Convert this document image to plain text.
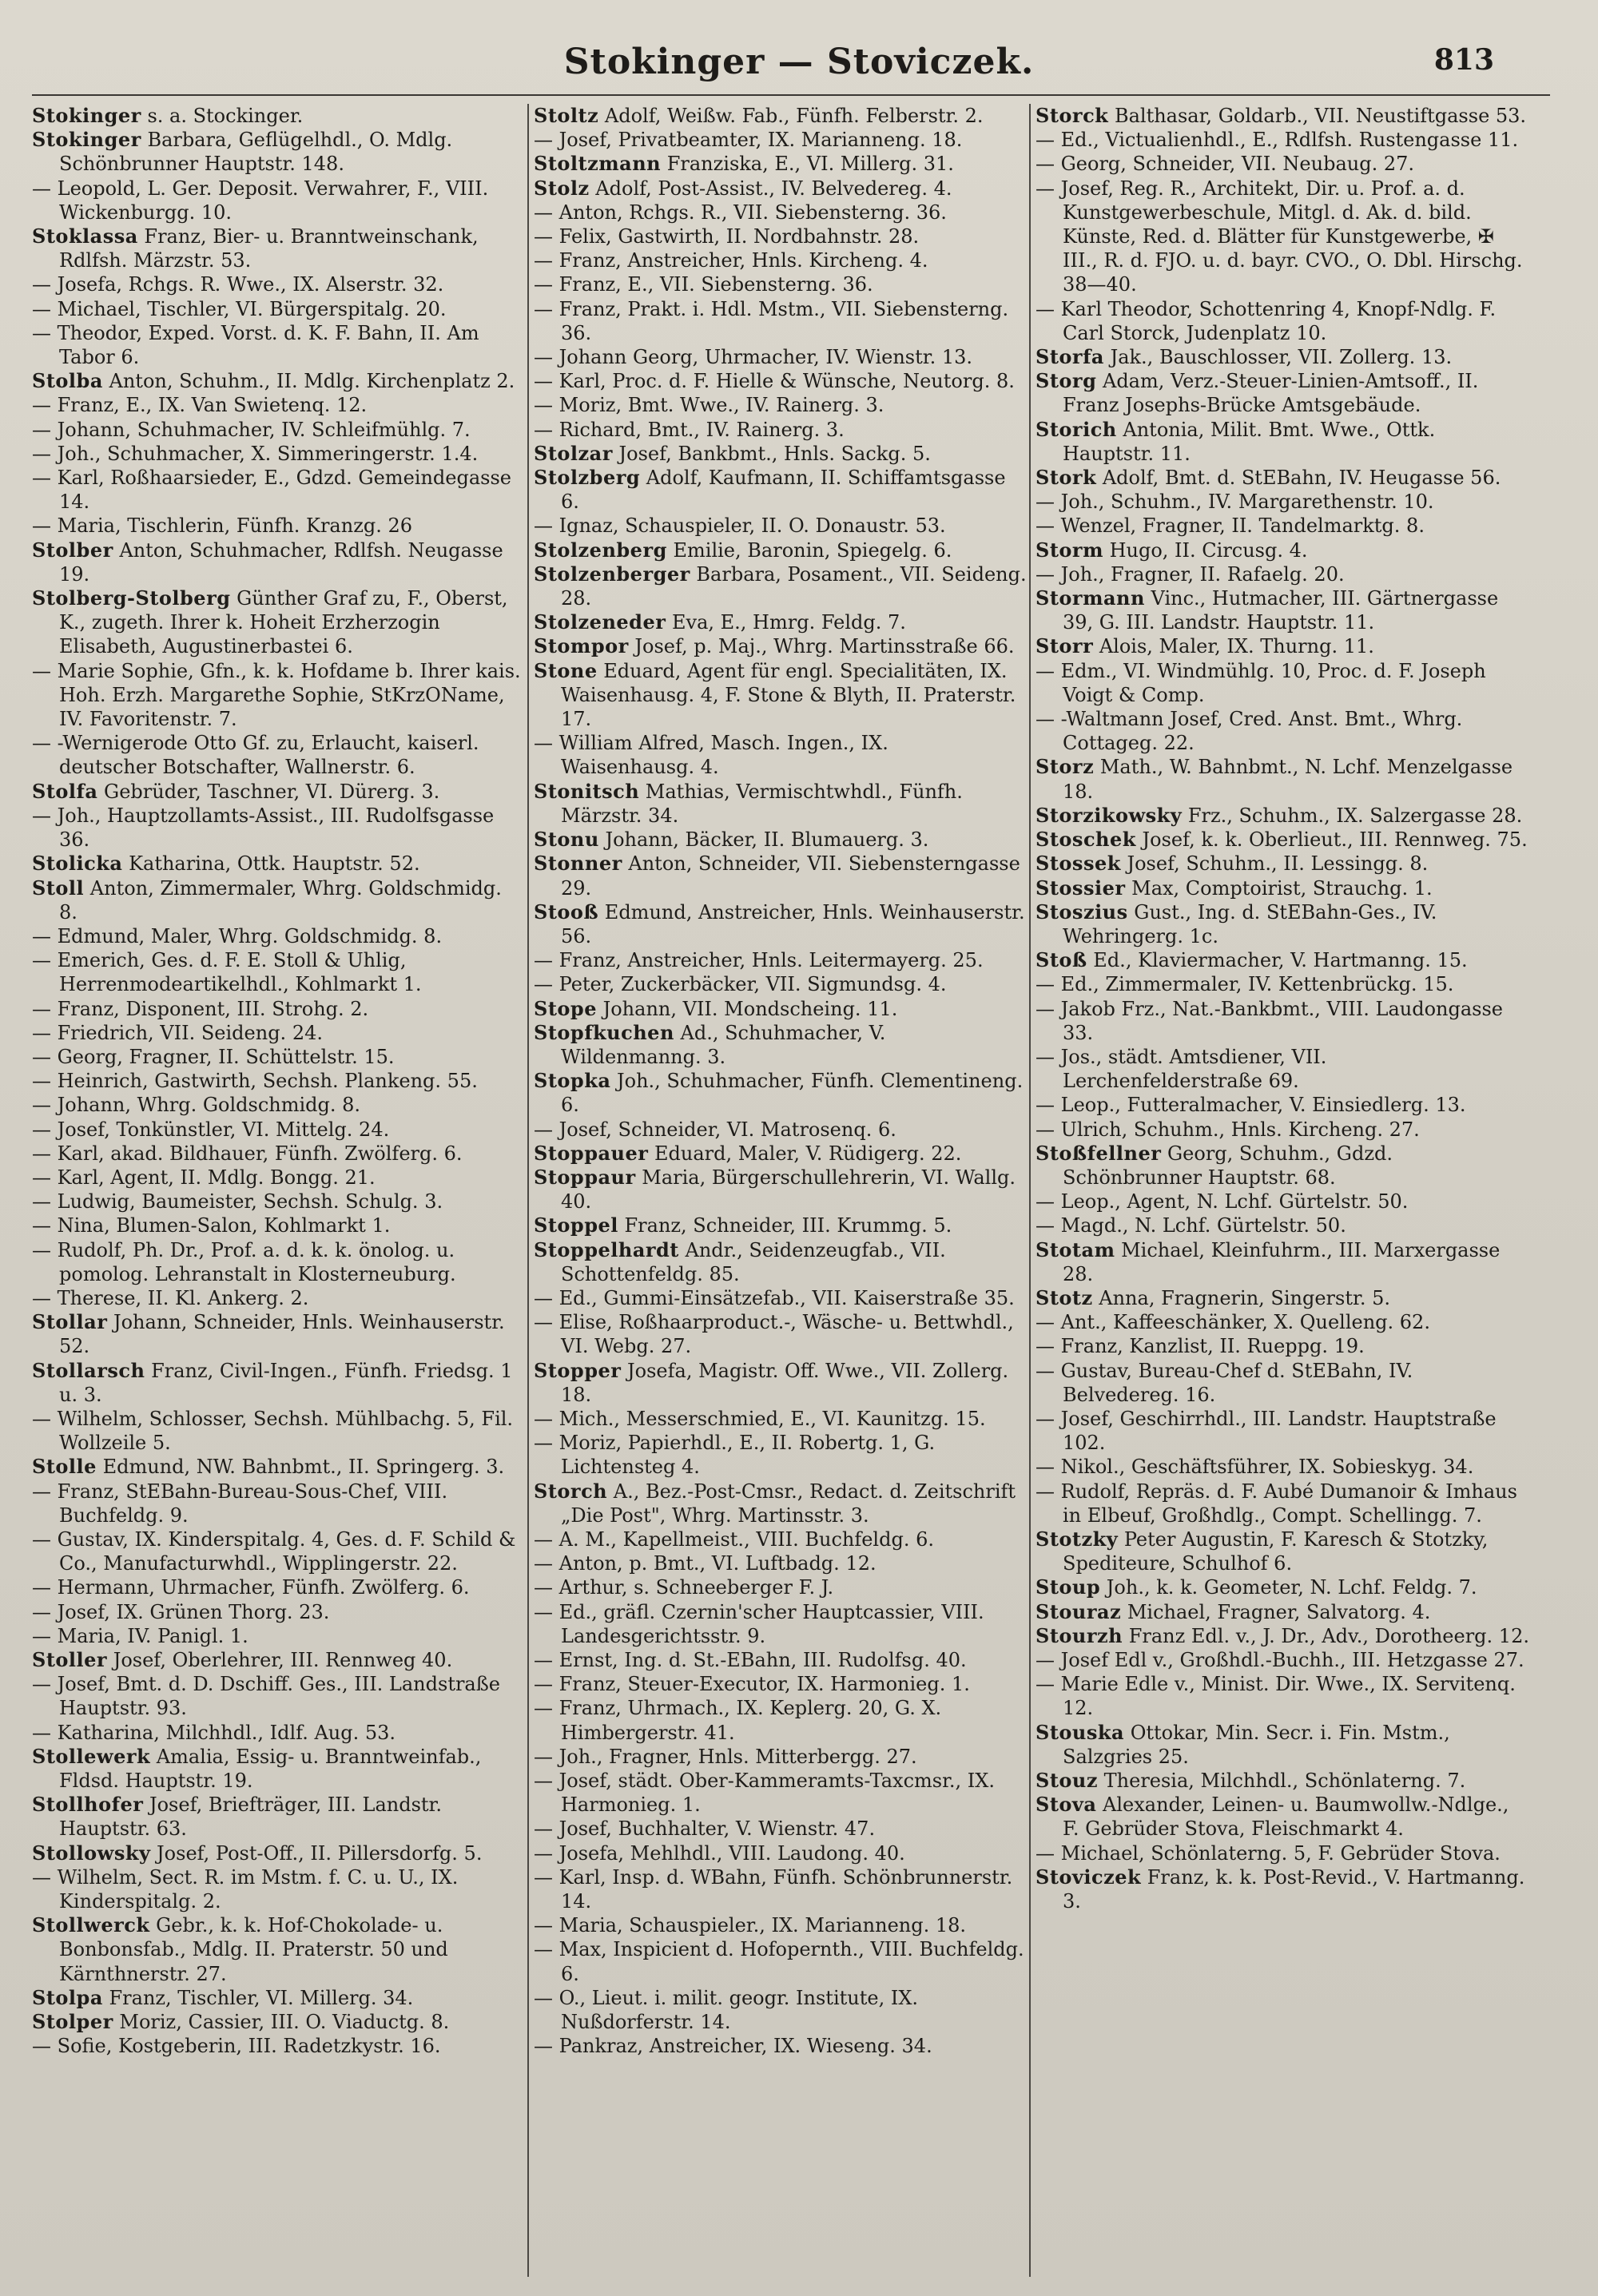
Stokinger — Stoviczek.	813

Stokinger s. a. Stockinger.

Stokinger Barbara, Geflügelhdl., O. Mdlg. Schönbrunner Hauptstr. 148.

— Leopold, L. Ger. Deposit. Verwahrer, F., VIII. Wickenburgg. 10.

Stoklassa Franz, Bier- u. Branntweinschank, Rdlfsh. Märzstr. 53.

— Josefa, Rchgs. R. Wwe., IX. Alserstr. 32.

— Michael, Tischler, VI. Bürgerspitalg. 20.

— Theodor, Exped. Vorst. d. K. F. Bahn, II. Am Tabor 6.

Stolba Anton, Schuhm., II. Mdlg. Kirchenplatz 2.

— Franz, E., IX. Van Swietenq. 12.

— Johann, Schuhmacher, IV. Schleifmühlg. 7.

— Joh., Schuhmacher, X. Simmeringerstr. 1.4.

— Karl, Roßhaarsieder, E., Gdzd. Gemeindegasse 14.

— Maria, Tischlerin, Fünfh. Kranzg. 26

Stolber Anton, Schuhmacher, Rdlfsh. Neugasse 19.

Stolberg-Stolberg Günther Graf zu, F., Oberst, K., zugeth. Ihrer k. Hoheit Erzherzogin Elisabeth, Augustinerbastei 6.

— Marie Sophie, Gfn., k. k. Hofdame b. Ihrer kais. Hoh. Erzh. Margarethe Sophie, StKrzOName, IV. Favoritenstr. 7.

— -Wernigerode Otto Gf. zu, Erlaucht, kaiserl. deutscher Botschafter, Wallnerstr. 6.

Stolfa Gebrüder, Taschner, VI. Dürerg. 3.

— Joh., Hauptzollamts-Assist., III. Rudolfsgasse 36.

Stolicka Katharina, Ottk. Hauptstr. 52.

Stoll Anton, Zimmermaler, Whrg. Goldschmidg. 8.

— Edmund, Maler, Whrg. Goldschmidg. 8.

— Emerich, Ges. d. F. E. Stoll & Uhlig, Herrenmodeartikelhdl., Kohlmarkt 1.

— Franz, Disponent, III. Strohg. 2.

— Friedrich, VII. Seideng. 24.

— Georg, Fragner, II. Schüttelstr. 15.

— Heinrich, Gastwirth, Sechsh. Plankeng. 55.

— Johann, Whrg. Goldschmidg. 8.

— Josef, Tonkünstler, VI. Mittelg. 24.

— Karl, akad. Bildhauer, Fünfh. Zwölferg. 6.

— Karl, Agent, II. Mdlg. Bongg. 21.

— Ludwig, Baumeister, Sechsh. Schulg. 3.

— Nina, Blumen-Salon, Kohlmarkt 1.

— Rudolf, Ph. Dr., Prof. a. d. k. k. önolog. u. pomolog. Lehranstalt in Klosterneuburg.

— Therese, II. Kl. Ankerg. 2.

Stollar Johann, Schneider, Hnls. Weinhauserstr. 52.

Stollarsch Franz, Civil-Ingen., Fünfh. Friedsg. 1 u. 3.

— Wilhelm, Schlosser, Sechsh. Mühlbachg. 5, Fil. Wollzeile 5.

Stolle Edmund, NW. Bahnbmt., II. Springerg. 3.

— Franz, StEBahn-Bureau-Sous-Chef, VIII. Buchfeldg. 9.

— Gustav, IX. Kinderspitalg. 4, Ges. d. F. Schild & Co., Manufacturwhdl., Wipplingerstr. 22.

— Hermann, Uhrmacher, Fünfh. Zwölferg. 6.

— Josef, IX. Grünen Thorg. 23.

— Maria, IV. Panigl. 1.

Stoller Josef, Oberlehrer, III. Rennweg 40.

— Josef, Bmt. d. D. Dschiff. Ges., III. Landstraße Hauptstr. 93.

— Katharina, Milchhdl., Idlf. Aug. 53.

Stollewerk Amalia, Essig- u. Branntweinfab., Fldsd. Hauptstr. 19.

Stollhofer Josef, Briefträger, III. Landstr. Hauptstr. 63.

Stollowsky Josef, Post-Off., II. Pillersdorfg. 5.

— Wilhelm, Sect. R. im Mstm. f. C. u. U., IX. Kinderspitalg. 2.

Stollwerck Gebr., k. k. Hof-Chokolade- u. Bonbonsfab., Mdlg. II. Praterstr. 50 und Kärnthnerstr. 27.

Stolpa Franz, Tischler, VI. Millerg. 34.

Stolper Moriz, Cassier, III. O. Viaductg. 8.

— Sofie, Kostgeberin, III. Radetzkystr. 16.

Stoltz Adolf, Weißw. Fab., Fünfh. Felberstr. 2.

— Josef, Privatbeamter, IX. Marianneng. 18.

Stoltzmann Franziska, E., VI. Millerg. 31.

Stolz Adolf, Post-Assist., IV. Belvedereg. 4.

— Anton, Rchgs. R., VII. Siebensterng. 36.

— Felix, Gastwirth, II. Nordbahnstr. 28.

— Franz, Anstreicher, Hnls. Kircheng. 4.

— Franz, E., VII. Siebensterng. 36.

— Franz, Prakt. i. Hdl. Mstm., VII. Siebensterng. 36.

— Johann Georg, Uhrmacher, IV. Wienstr. 13.

— Karl, Proc. d. F. Hielle & Wünsche, Neutorg. 8.

— Moriz, Bmt. Wwe., IV. Rainerg. 3.

— Richard, Bmt., IV. Rainerg. 3.

Stolzar Josef, Bankbmt., Hnls. Sackg. 5.

Stolzberg Adolf, Kaufmann, II. Schiffamtsgasse 6.

— Ignaz, Schauspieler, II. O. Donaustr. 53.

Stolzenberg Emilie, Baronin, Spiegelg. 6.

Stolzenberger Barbara, Posament., VII. Seideng. 28.

Stolzeneder Eva, E., Hmrg. Feldg. 7.

Stompor Josef, p. Maj., Whrg. Martinsstraße 66.

Stone Eduard, Agent für engl. Specialitäten, IX. Waisenhausg. 4, F. Stone & Blyth, II. Praterstr. 17.

— William Alfred, Masch. Ingen., IX. Waisenhausg. 4.

Stonitsch Mathias, Vermischtwhdl., Fünfh. Märzstr. 34.

Stonu Johann, Bäcker, II. Blumauerg. 3.

Stonner Anton, Schneider, VII. Siebensterngasse 29.

Stooß Edmund, Anstreicher, Hnls. Weinhauserstr. 56.

— Franz, Anstreicher, Hnls. Leitermayerg. 25.

— Peter, Zuckerbäcker, VII. Sigmundsg. 4.

Stope Johann, VII. Mondscheing. 11.

Stopfkuchen Ad., Schuhmacher, V. Wildenmanng. 3.

Stopka Joh., Schuhmacher, Fünfh. Clementineng. 6.

— Josef, Schneider, VI. Matrosenq. 6.

Stoppauer Eduard, Maler, V. Rüdigerg. 22.

Stoppaur Maria, Bürgerschullehrerin, VI. Wallg. 40.

Stoppel Franz, Schneider, III. Krummg. 5.

Stoppelhardt Andr., Seidenzeugfab., VII. Schottenfeldg. 85.

— Ed., Gummi-Einsätzefab., VII. Kaiserstraße 35.

— Elise, Roßhaarproduct.-, Wäsche- u. Bettwhdl., VI. Webg. 27.

Stopper Josefa, Magistr. Off. Wwe., VII. Zollerg. 18.

— Mich., Messerschmied, E., VI. Kaunitzg. 15.

— Moriz, Papierhdl., E., II. Robertg. 1, G. Lichtensteg 4.

Storch A., Bez.-Post-Cmsr., Redact. d. Zeitschrift „Die Post", Whrg. Martinsstr. 3.

— A. M., Kapellmeist., VIII. Buchfeldg. 6.

— Anton, p. Bmt., VI. Luftbadg. 12.

— Arthur, s. Schneeberger F. J.

— Ed., gräfl. Czernin'scher Hauptcassier, VIII. Landesgerichtsstr. 9.

— Ernst, Ing. d. St.-EBahn, III. Rudolfsg. 40.

— Franz, Steuer-Executor, IX. Harmonieg. 1.

— Franz, Uhrmach., IX. Keplerg. 20, G. X. Himbergerstr. 41.

— Joh., Fragner, Hnls. Mitterbergg. 27.

— Josef, städt. Ober-Kammeramts-Taxcmsr., IX. Harmonieg. 1.

— Josef, Buchhalter, V. Wienstr. 47.

— Josefa, Mehlhdl., VIII. Laudong. 40.

— Karl, Insp. d. WBahn, Fünfh. Schönbrunnerstr. 14.

— Maria, Schauspieler., IX. Marianneng. 18.

— Max, Inspicient d. Hofopernth., VIII. Buchfeldg. 6.

— O., Lieut. i. milit. geogr. Institute, IX. Nußdorferstr. 14.

— Pankraz, Anstreicher, IX. Wieseng. 34.

Storck Balthasar, Goldarb., VII. Neustiftgasse 53.

— Ed., Victualienhdl., E., Rdlfsh. Rustengasse 11.

— Georg, Schneider, VII. Neubaug. 27.

— Josef, Reg. R., Architekt, Dir. u. Prof. a. d. Kunstgewerbeschule, Mitgl. d. Ak. d. bild. Künste, Red. d. Blätter für Kunstgewerbe, ✠ III., R. d. FJO. u. d. bayr. CVO., O. Dbl. Hirschg. 38—40.

— Karl Theodor, Schottenring 4, Knopf-Ndlg. F. Carl Storck, Judenplatz 10.

Storfa Jak., Bauschlosser, VII. Zollerg. 13.

Storg Adam, Verz.-Steuer-Linien-Amtsoff., II. Franz Josephs-Brücke Amtsgebäude.

Storich Antonia, Milit. Bmt. Wwe., Ottk. Hauptstr. 11.

Stork Adolf, Bmt. d. StEBahn, IV. Heugasse 56.

— Joh., Schuhm., IV. Margarethenstr. 10.

— Wenzel, Fragner, II. Tandelmarktg. 8.

Storm Hugo, II. Circusg. 4.

— Joh., Fragner, II. Rafaelg. 20.

Stormann Vinc., Hutmacher, III. Gärtnergasse 39, G. III. Landstr. Hauptstr. 11.

Storr Alois, Maler, IX. Thurng. 11.

— Edm., VI. Windmühlg. 10, Proc. d. F. Joseph Voigt & Comp.

— -Waltmann Josef, Cred. Anst. Bmt., Whrg. Cottageg. 22.

Storz Math., W. Bahnbmt., N. Lchf. Menzelgasse 18.

Storzikowsky Frz., Schuhm., IX. Salzergasse 28.

Stoschek Josef, k. k. Oberlieut., III. Rennweg. 75.

Stossek Josef, Schuhm., II. Lessingg. 8.

Stossier Max, Comptoirist, Strauchg. 1.

Stoszius Gust., Ing. d. StEBahn-Ges., IV. Wehringerg. 1c.

Stoß Ed., Klaviermacher, V. Hartmanng. 15.

— Ed., Zimmermaler, IV. Kettenbrückg. 15.

— Jakob Frz., Nat.-Bankbmt., VIII. Laudongasse 33.

— Jos., städt. Amtsdiener, VII. Lerchenfelderstraße 69.

— Leop., Futteralmacher, V. Einsiedlerg. 13.

— Ulrich, Schuhm., Hnls. Kircheng. 27.

Stoßfellner Georg, Schuhm., Gdzd. Schönbrunner Hauptstr. 68.

— Leop., Agent, N. Lchf. Gürtelstr. 50.

— Magd., N. Lchf. Gürtelstr. 50.

Stotam Michael, Kleinfuhrm., III. Marxergasse 28.

Stotz Anna, Fragnerin, Singerstr. 5.

— Ant., Kaffeeschänker, X. Quelleng. 62.

— Franz, Kanzlist, II. Rueppg. 19.

— Gustav, Bureau-Chef d. StEBahn, IV. Belvedereg. 16.

— Josef, Geschirrhdl., III. Landstr. Hauptstraße 102.

— Nikol., Geschäftsführer, IX. Sobieskyg. 34.

— Rudolf, Repräs. d. F. Aubé Dumanoir & Imhaus in Elbeuf, Großhdlg., Compt. Schellingg. 7.

Stotzky Peter Augustin, F. Karesch & Stotzky, Spediteure, Schulhof 6.

Stoup Joh., k. k. Geometer, N. Lchf. Feldg. 7.

Stouraz Michael, Fragner, Salvatorg. 4.

Stourzh Franz Edl. v., J. Dr., Adv., Dorotheerg. 12.

— Josef Edl v., Großhdl.-Buchh., III. Hetzgasse 27.

— Marie Edle v., Minist. Dir. Wwe., IX. Servitenq. 12.

Stouska Ottokar, Min. Secr. i. Fin. Mstm., Salzgries 25.

Stouz Theresia, Milchhdl., Schönlaterng. 7.

Stova Alexander, Leinen- u. Baumwollw.-Ndlge., F. Gebrüder Stova, Fleischmarkt 4.

— Michael, Schönlaterng. 5, F. Gebrüder Stova.

Stoviczek Franz, k. k. Post-Revid., V. Hartmanng. 3.
